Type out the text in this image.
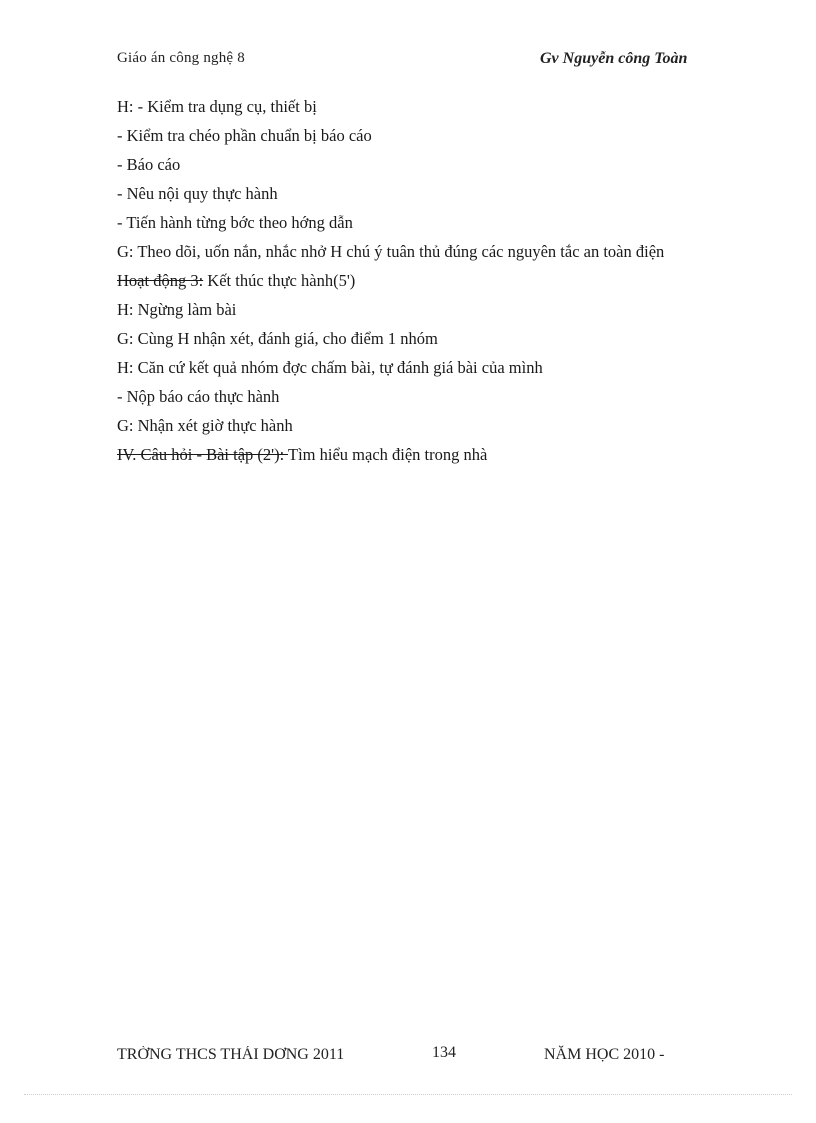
Giáo án công nghệ 8	Gv Nguyễn công Toàn

H: - Kiểm tra dụng cụ, thiết bị

- Kiểm tra chéo phần chuẩn bị báo cáo

- Báo cáo

- Nêu nội quy thực hành

- Tiến hành từng bớc theo hớng dẫn

G: Theo dõi, uốn nắn, nhắc nhở H chú ý tuân thủ đúng các nguyên tắc an toàn điện

Hoạt động 3: Kết thúc thực hành(5')

H: Ngừng làm bài

G: Cùng H nhận xét, đánh giá, cho điểm 1 nhóm

H: Căn cứ kết quả nhóm đợc chấm bài, tự đánh giá bài của mình

- Nộp báo cáo thực hành

G: Nhận xét giờ thực hành

IV. Câu hỏi - Bài tập (2'): Tìm hiểu mạch điện trong nhà

TRỜNG THCS THÁI DƠNG 2011	134	NĂM HỌC 2010 -
